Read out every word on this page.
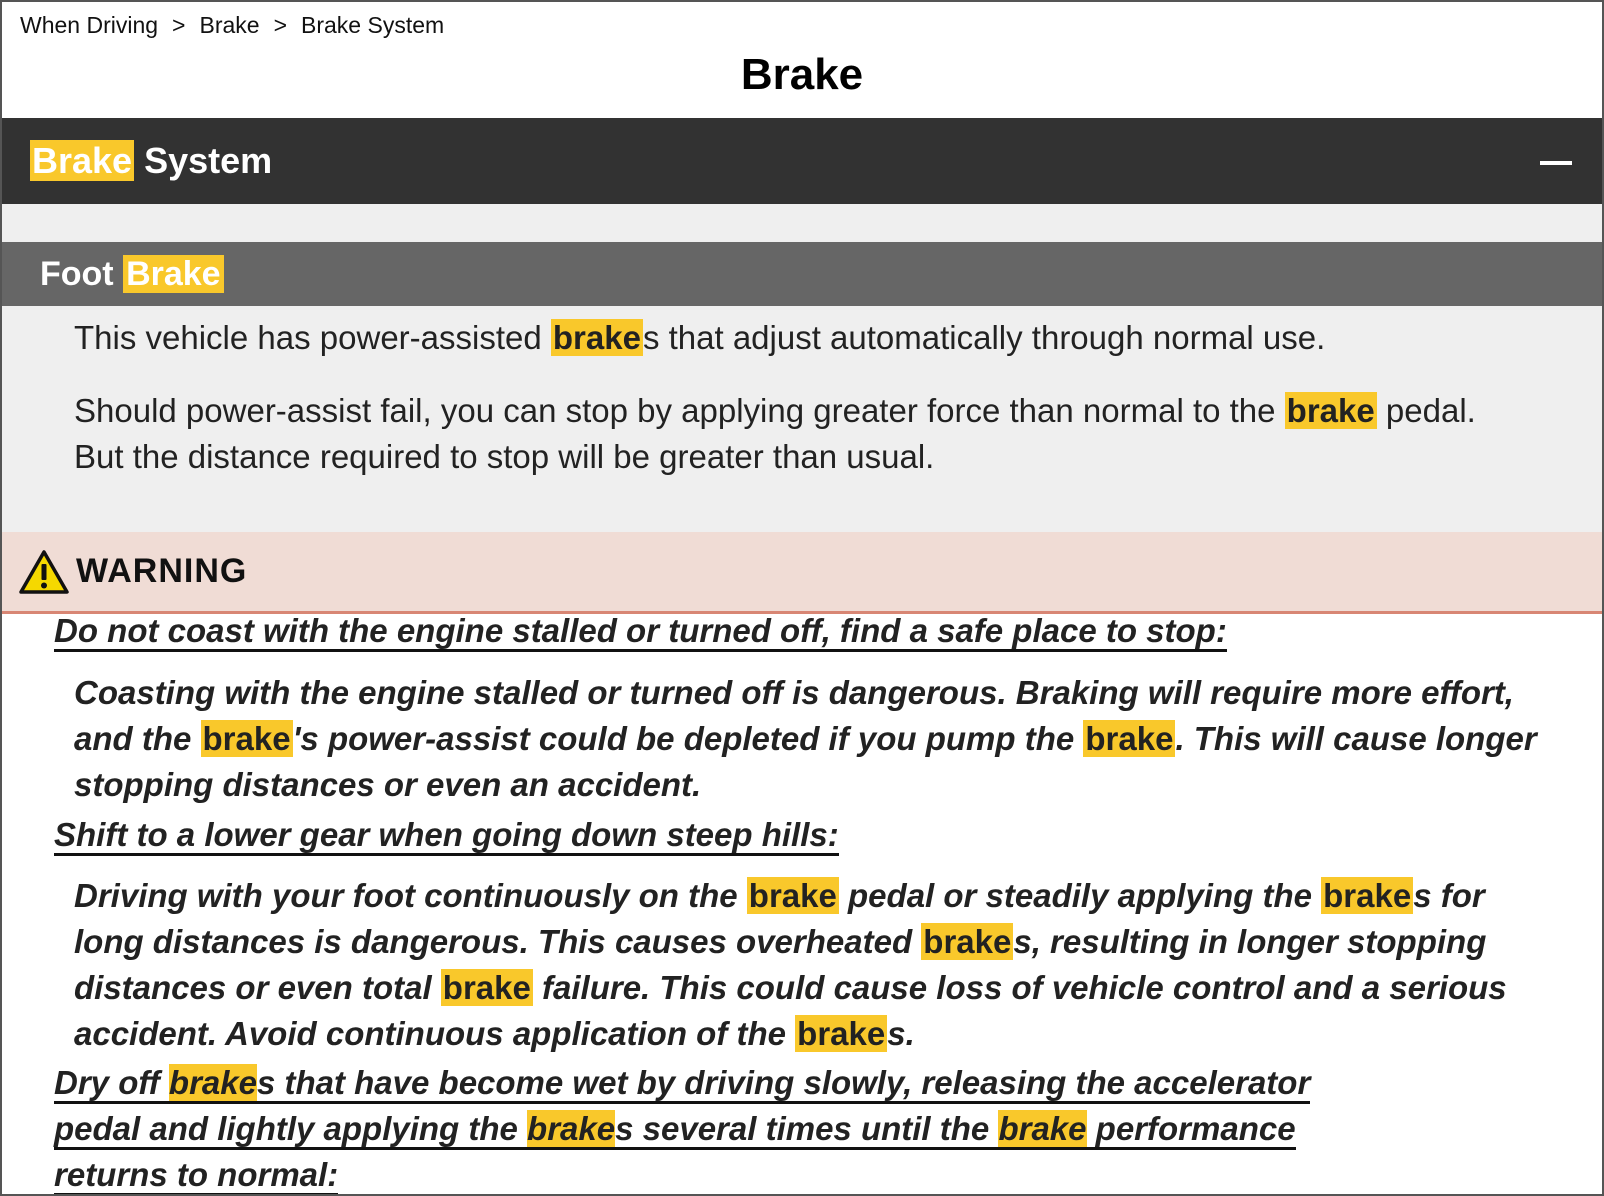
When Driving > Brake > Brake System
Brake
Brake System
Foot Brake
This vehicle has power-assisted brakes that adjust automatically through normal use.
Should power-assist fail, you can stop by applying greater force than normal to the brake pedal. But the distance required to stop will be greater than usual.
WARNING
Do not coast with the engine stalled or turned off, find a safe place to stop:
Coasting with the engine stalled or turned off is dangerous. Braking will require more effort, and the brake's power-assist could be depleted if you pump the brake. This will cause longer stopping distances or even an accident.
Shift to a lower gear when going down steep hills:
Driving with your foot continuously on the brake pedal or steadily applying the brakes for long distances is dangerous. This causes overheated brakes, resulting in longer stopping distances or even total brake failure. This could cause loss of vehicle control and a serious accident. Avoid continuous application of the brakes.
Dry off brakes that have become wet by driving slowly, releasing the accelerator
pedal and lightly applying the brakes several times until the brake performance
returns to normal:
